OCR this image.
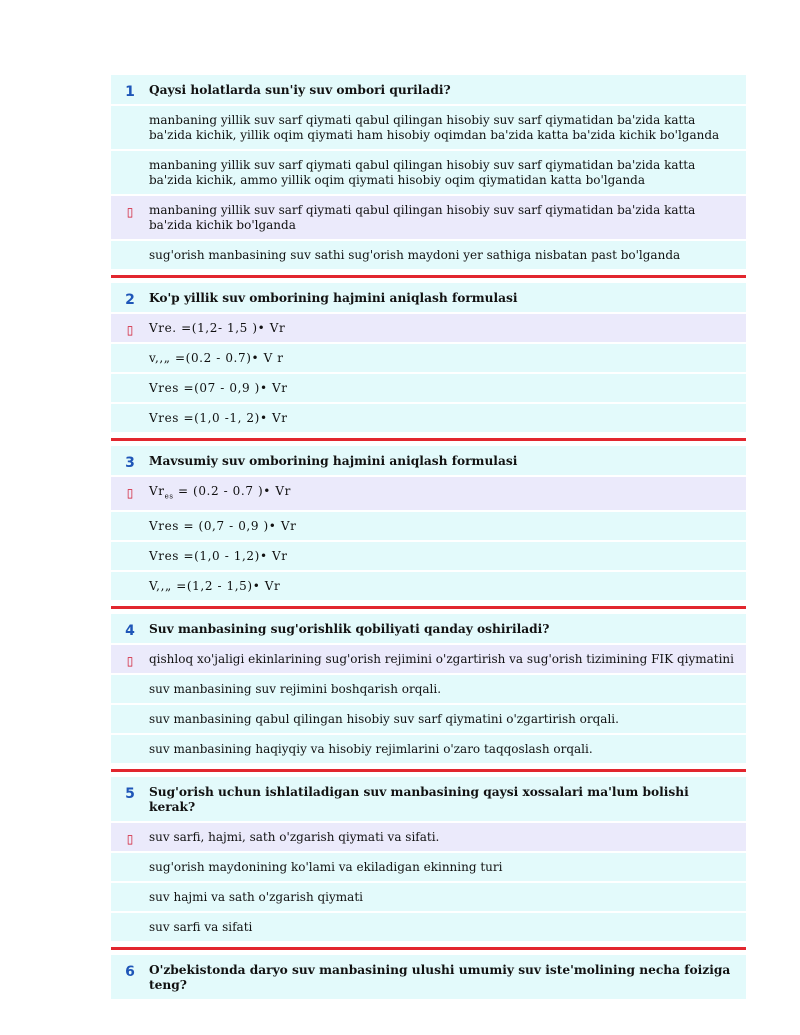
1	Qaysi holatlarda sun'iy suv ombori quriladi?
manbaning yillik suv sarf qiymati qabul qilingan hisobiy suv sarf qiymatidan ba'zida katta ba'zida kichik, yillik oqim qiymati ham hisobiy oqimdan ba'zida katta ba'zida kichik bo'lganda
manbaning yillik suv sarf qiymati qabul qilingan hisobiy suv sarf qiymatidan ba'zida katta ba'zida kichik, ammo yillik oqim qiymati hisobiy oqim qiymatidan katta bo'lganda
▯	manbaning yillik suv sarf qiymati qabul qilingan hisobiy suv sarf qiymatidan ba'zida katta ba'zida kichik bo'lganda
sug'orish manbasining suv sathi sug'orish maydoni yer sathiga nisbatan past bo'lganda
2	Ko'p yillik suv omborining hajmini aniqlash formulasi
▯	Vre. =(1,2- 1,5 )• Vr
v,,„ =(0.2 - 0.7)• V r
Vres =(07 - 0,9 )• Vr
Vres =(1,0 -1, 2)• Vr
3	Mavsumiy suv omborining hajmini aniqlash formulasi
▯	$Vr_{es} = (0.2 - 0.7$ )• Vr
Vres = (0,7 - 0,9 )• Vr
Vres =(1,0 - 1,2)• Vr
V,,„ =(1,2 - 1,5)• Vr
4	Suv manbasining sug'orishlik qobiliyati qanday oshiriladi?
▯	qishloq xo'jaligi ekinlarining sug'orish rejimini o'zgartirish va sug'orish tizimining FIK qiymatini
suv manbasining suv rejimini boshqarish orqali.
suv manbasining qabul qilingan hisobiy suv sarf qiymatini o'zgartirish orqali.
suv manbasining haqiyqiy va hisobiy rejimlarini o'zaro taqqoslash orqali.
5	Sug'orish uchun ishlatiladigan suv manbasining qaysi xossalari ma'lum bolishi kerak?
▯	suv sarfi, hajmi, sath o'zgarish qiymati va sifati.
sug'orish maydonining ko'lami va ekiladigan ekinning turi
suv hajmi va sath o'zgarish qiymati
suv sarfi va sifati
6	O'zbekistonda daryo suv manbasining ulushi umumiy suv iste'molining necha foiziga teng?
